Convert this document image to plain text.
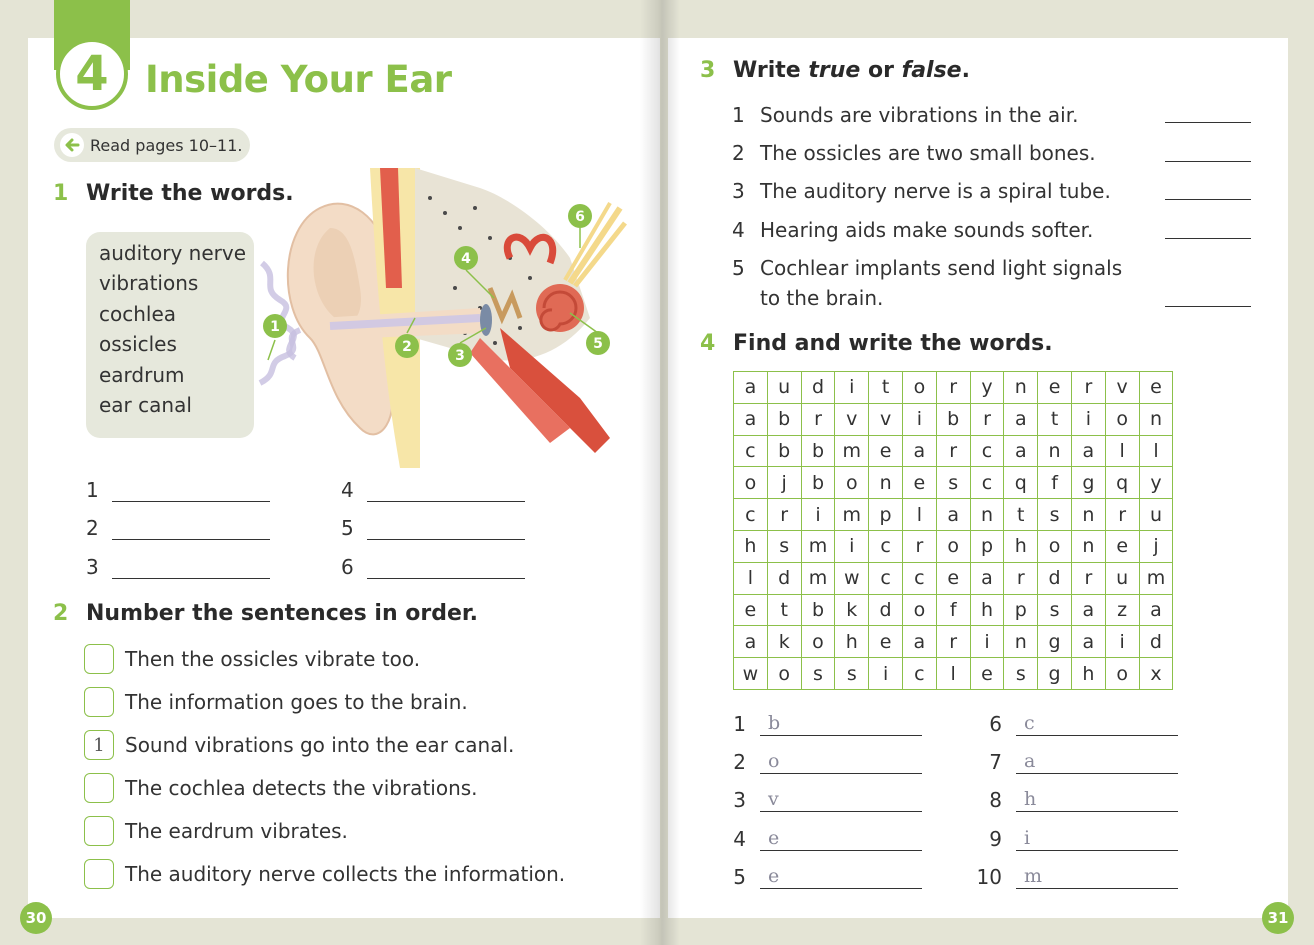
4 Inside Your Ear
Read pages 10–11.
1 Write the words.
auditory nerve
vibrations
cochlea
ossicles
eardrum
ear canal
1
2
3
4
5
6
1
2
3
4
5
6
2 Number the sentences in order.
Then the ossicles vibrate too.
The information goes to the brain.
1	Sound vibrations go into the ear canal.
The cochlea detects the vibrations.
The eardrum vibrates.
The auditory nerve collects the information.
3 Write true or false.
1 Sounds are vibrations in the air.
2 The ossicles are two small bones.
3 The auditory nerve is a spiral tube.
4 Hearing aids make sounds softer.
5 Cochlear implants send light signals
to the brain.
4 Find and write the words.
a	u	d	i	t	o	r	y	n	e	r	v	e
a	b	r	v	v	i	b	r	a	t	i	o	n
c	b	b	m	e	a	r	c	a	n	a	l	l
o	j	b	o	n	e	s	c	q	f	g	q	y
c	r	i	m	p	l	a	n	t	s	n	r	u
h	s	m	i	c	r	o	p	h	o	n	e	j
l	d	m	w	c	c	e	a	r	d	r	u	m
e	t	b	k	d	o	f	h	p	s	a	z	a
a	k	o	h	e	a	r	i	n	g	a	i	d
w	o	s	s	i	c	l	e	s	g	h	o	x
1 b
2 o
3 v
4 e
5 e
6 c
7 a
8 h
9 i
10 m
30	31
